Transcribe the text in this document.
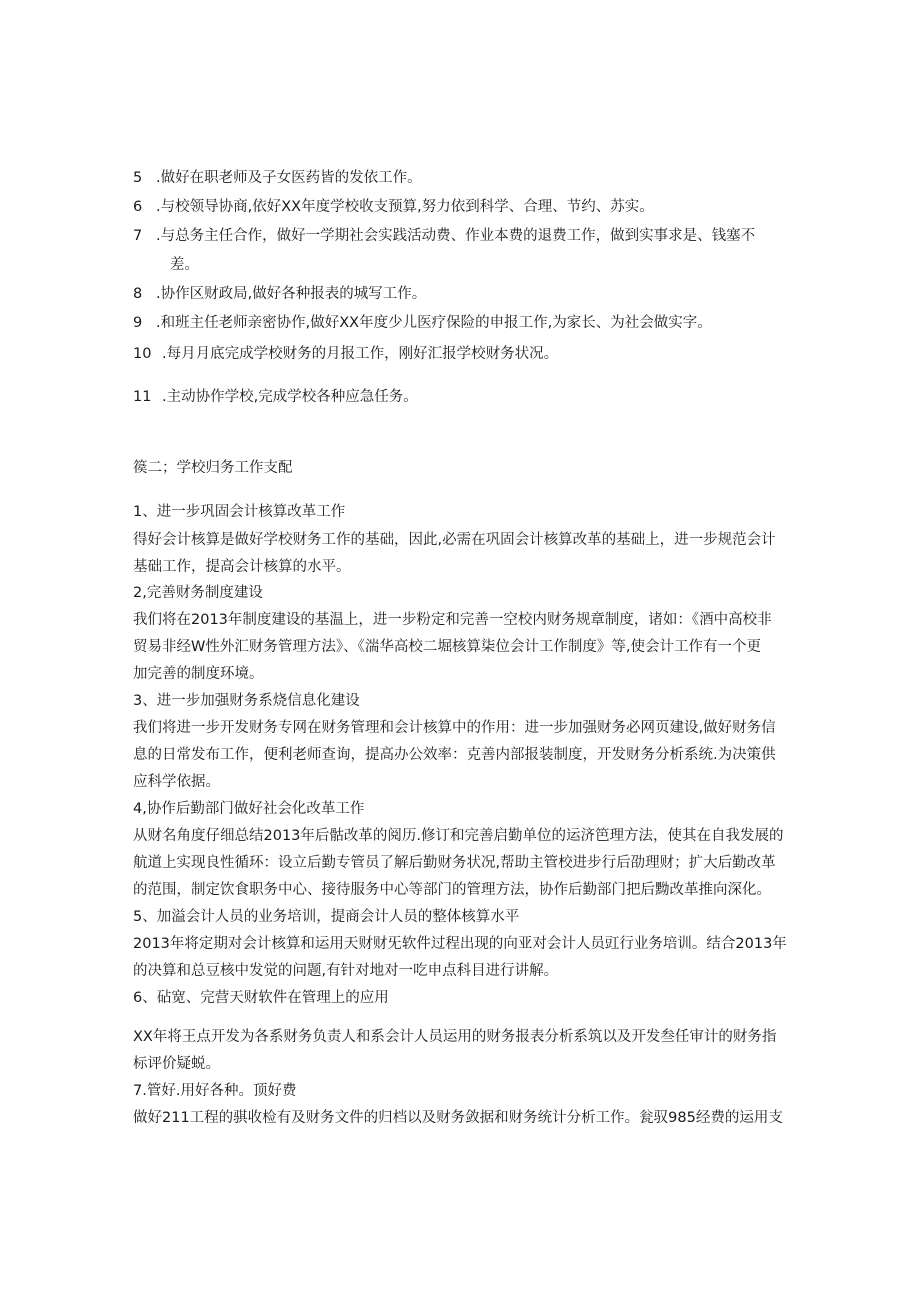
5 .做好在职老师及子女医药皆的发依工作。
6 .与校领导协商,依好XX年度学校收支预算,努力依到科学、合理、节约、苏实。
7 .与总务主任合作，做好一学期社会实践活动费、作业本费的退费工作，做到实事求是、钱塞不
差。
8 .协作区财政局,做好各种报表的城写工作。
9 .和班主任老师亲密协作,做好XX年度少儿医疗保险的申报工作,为家长、为社会做实字。
10 .每月月底完成学校财务的月报工作，刚好汇报学校财务状况。
11 .主动协作学校,完成学校各种应急任务。
篌二；学校归务工作支配
1、进一步巩固会计核算改革工作
得好会计核算是做好学校财务工作的基础，因此,必需在巩固会计核算改革的基础上，进一步规范会计
基础工作，提高会计核算的水平。
2,完善财务制度建设
我们将在2013年制度建设的基温上，进一步粉定和完善一空校内财务规章制度，诸如：《酒中高校非
贸易非经W性外汇财务管理方法》、《湍华高校二堀核算柒位会计工作制度》等,使会计工作有一个更
加完善的制度环境。
3、进一步加强财务系烧信息化建设
我们将进一步开发财务专网在财务管理和会计核算中的作用：进一步加强财务必网页建设,做好财务信
息的日常发布工作，便利老师查询，提高办公效率：克善内部报装制度，开发财务分析系统.为决策供
应科学依据。
4,协作后勤部门做好社会化改革工作
从财名角度仔细总结2013年后骷改革的阅历.修订和完善启勤单位的运济笆理方法，使其在自我发展的
航道上实现良性循环：设立后勤专管员了解后勤财务状况,帮助主管校进步行后劭理财；扩大后勤改革
的范围，制定饮食职务中心、接待服务中心等部门的管理方法，协作后勤部门把后黝改革推向深化。
5、加溢会计人员的业务培训，提商会计人员的整体核算水平
2013年将定期对会计核算和运用天财财旡软件过程出现的向亚对会计人员豇行业务培训。结合2013年
的决算和总豆核中发觉的问题,有针对地对一吃申点科目进行讲解。
6、砧宽、完营天财软件在管理上的应用
XX年将王点开发为各系财务负责人和系会计人员运用的财务报表分析系筑以及开发叁任审计的财务指
标评价疑蜕。
7.管好.用好各种。顶好费
做好211工程的骐收检有及财务文件的归档以及财务敛据和财务统计分析工作。瓮驭985经费的运用支
